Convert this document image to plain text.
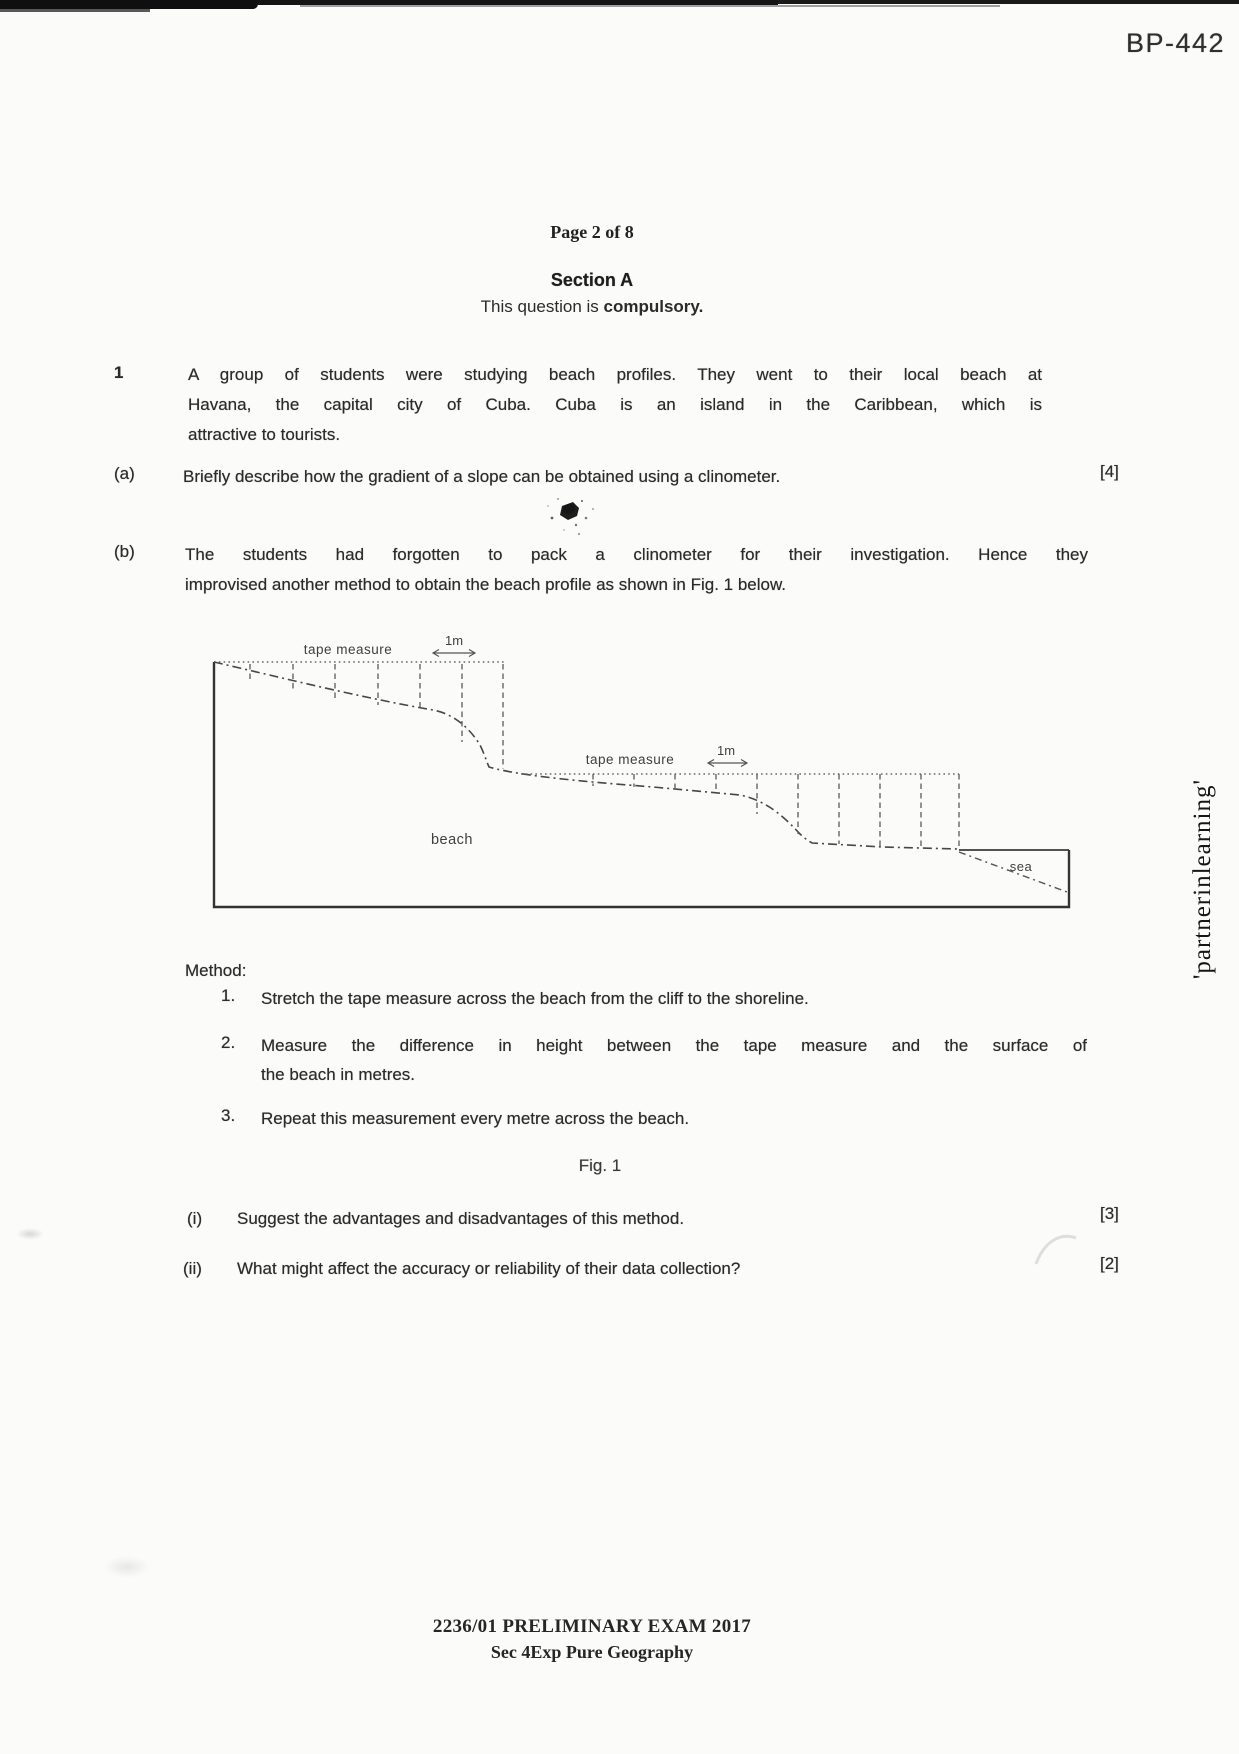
BP-442
Page 2 of 8
Section A
This question is compulsory.
1	A group of students were studying beach profiles. They went to their local beach at
Havana, the capital city of Cuba. Cuba is an island in the Caribbean, which is
attractive to tourists.
(a)	Briefly describe how the gradient of a slope can be obtained using a clinometer.	[4]
(b)	The students had forgotten to pack a clinometer for their investigation. Hence they
improvised another method to obtain the beach profile as shown in Fig. 1 below.
tape measure
1m
tape measure
1m
beach
sea
Method:
1. Stretch the tape measure across the beach from the cliff to the shoreline.
2. Measure the difference in height between the tape measure and the surface of
the beach in metres.
3. Repeat this measurement every metre across the beach.
Fig. 1
(i) Suggest the advantages and disadvantages of this method.	[3]
(ii) What might affect the accuracy or reliability of their data collection?	[2]
'partnerinlearning'
2236/01 PRELIMINARY EXAM 2017
Sec 4Exp Pure Geography
